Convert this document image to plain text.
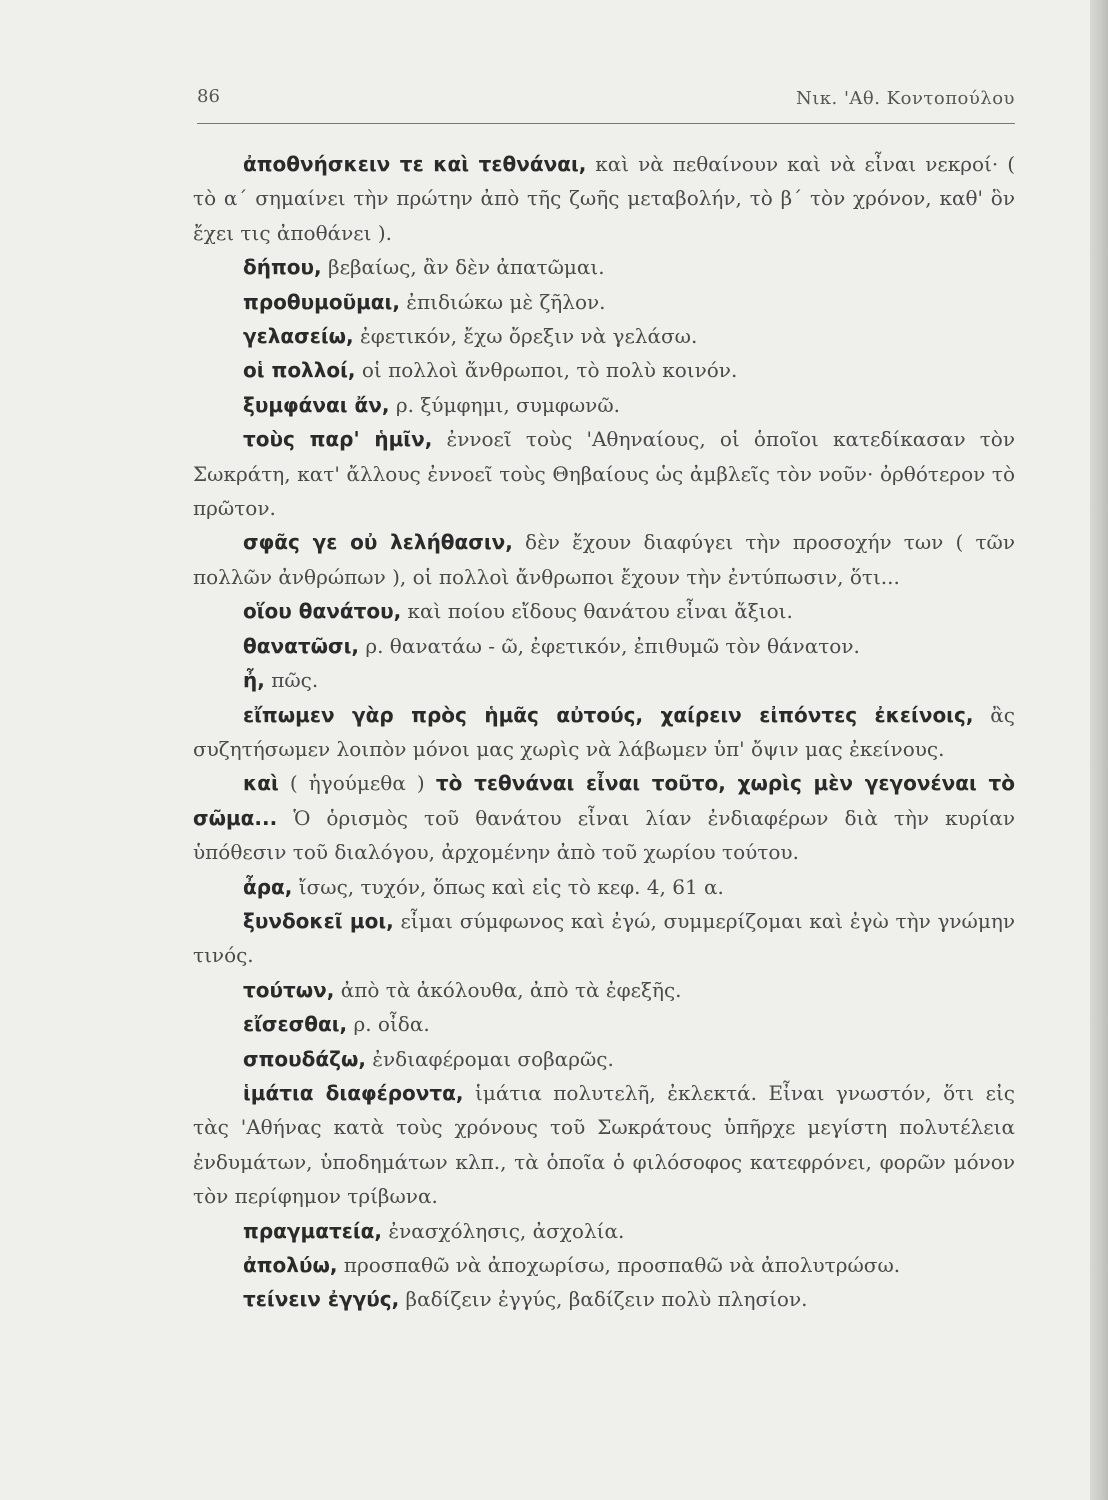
86	Νικ. 'Αθ. Κοντοπούλου

ἀποθνήσκειν τε καὶ τεθνάναι, καὶ νὰ πεθαίνουν καὶ νὰ εἶναι νεκροί· ( τὸ α΄ σημαίνει τὴν πρώτην ἀπὸ τῆς ζωῆς μεταβολήν, τὸ β΄ τὸν χρόνον, καθ' ὃν ἔχει τις ἀποθάνει ).

δήπου, βεβαίως, ἂν δὲν ἀπατῶμαι.

προθυμοῦμαι, ἐπιδιώκω μὲ ζῆλον.

γελασείω, ἐφετικόν, ἔχω ὄρεξιν νὰ γελάσω.

οἱ πολλοί, οἱ πολλοὶ ἄνθρωποι, τὸ πολὺ κοινόν.

ξυμφάναι ἄν, ρ. ξύμφημι, συμφωνῶ.

τοὺς παρ' ἡμῖν, ἐννοεῖ τοὺς 'Αθηναίους, οἱ ὁποῖοι κατεδίκασαν τὸν Σωκράτη, κατ' ἄλλους ἐννοεῖ τοὺς Θηβαίους ὡς ἀμβλεῖς τὸν νοῦν· ὀρθότερον τὸ πρῶτον.

σφᾶς γε οὐ λελήθασιν, δὲν ἔχουν διαφύγει τὴν προσοχήν των ( τῶν πολλῶν ἀνθρώπων ), οἱ πολλοὶ ἄνθρωποι ἔχουν τὴν ἐντύπωσιν, ὅτι...

οἵου θανάτου, καὶ ποίου εἴδους θανάτου εἶναι ἄξιοι.

θανατῶσι, ρ. θανατάω - ῶ, ἐφετικόν, ἐπιθυμῶ τὸν θάνατον.

ἦ, πῶς.

εἴπωμεν γὰρ πρὸς ἡμᾶς αὐτούς, χαίρειν εἰπόντες ἐκείνοις, ἂς συζητήσωμεν λοιπὸν μόνοι μας χωρὶς νὰ λάβωμεν ὑπ' ὄψιν μας ἐκείνους.

καὶ ( ἡγούμεθα ) τὸ τεθνάναι εἶναι τοῦτο, χωρὶς μὲν γεγονέναι τὸ σῶμα... Ὁ ὁρισμὸς τοῦ θανάτου εἶναι λίαν ἐνδιαφέρων διὰ τὴν κυρίαν ὑπόθεσιν τοῦ διαλόγου, ἀρχομένην ἀπὸ τοῦ χωρίου τούτου.

ἆρα, ἴσως, τυχόν, ὅπως καὶ εἰς τὸ κεφ. 4, 61 α.

ξυνδοκεῖ μοι, εἶμαι σύμφωνος καὶ ἐγώ, συμμερίζομαι καὶ ἐγὼ τὴν γνώμην τινός.

τούτων, ἀπὸ τὰ ἀκόλουθα, ἀπὸ τὰ ἐφεξῆς.

εἴσεσθαι, ρ. οἶδα.

σπουδάζω, ἐνδιαφέρομαι σοβαρῶς.

ἱμάτια διαφέροντα, ἱμάτια πολυτελῆ, ἐκλεκτά. Εἶναι γνωστόν, ὅτι εἰς τὰς 'Αθήνας κατὰ τοὺς χρόνους τοῦ Σωκράτους ὑπῆρχε μεγίστη πολυτέλεια ἐνδυμάτων, ὑποδημάτων κλπ., τὰ ὁποῖα ὁ φιλόσοφος κατεφρόνει, φορῶν μόνον τὸν περίφημον τρίβωνα.

πραγματεία, ἐνασχόλησις, ἀσχολία.

ἀπολύω, προσπαθῶ νὰ ἀποχωρίσω, προσπαθῶ νὰ ἀπολυτρώσω.

τείνειν ἐγγύς, βαδίζειν ἐγγύς, βαδίζειν πολὺ πλησίον.
